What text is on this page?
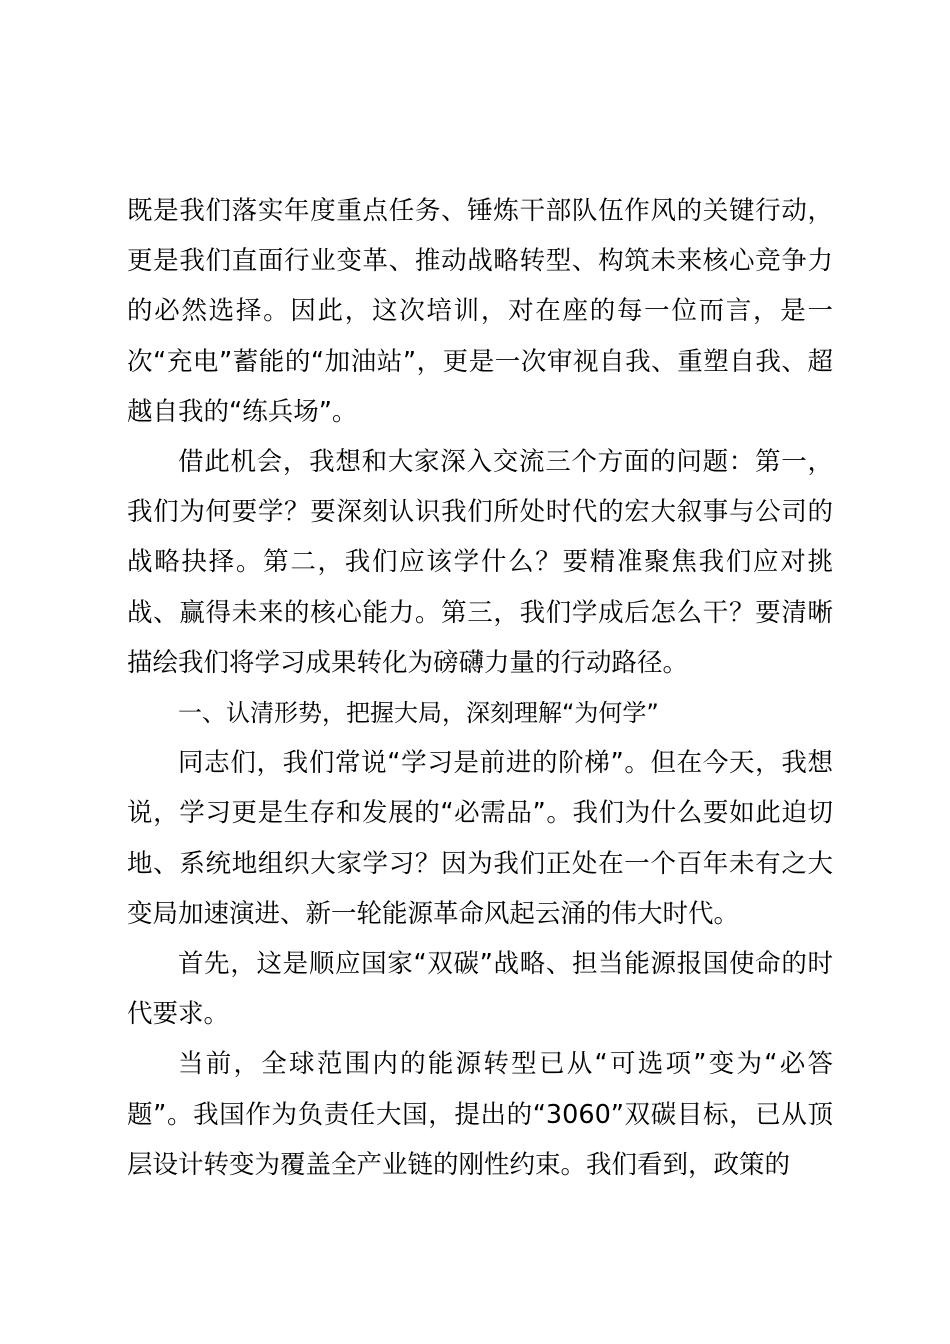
既是我们落实年度重点任务、锤炼干部队伍作风的关键行动，更是我们直面行业变革、推动战略转型、构筑未来核心竞争力的必然选择。因此，这次培训，对在座的每一位而言，是一次“充电”蓄能的“加油站”，更是一次审视自我、重塑自我、超越自我的“练兵场”。

借此机会，我想和大家深入交流三个方面的问题：第一，我们为何要学？要深刻认识我们所处时代的宏大叙事与公司的战略抉择。第二，我们应该学什么？要精准聚焦我们应对挑战、赢得未来的核心能力。第三，我们学成后怎么干？要清晰描绘我们将学习成果转化为磅礴力量的行动路径。

一、认清形势，把握大局，深刻理解“为何学”

同志们，我们常说“学习是前进的阶梯”。但在今天，我想说，学习更是生存和发展的“必需品”。我们为什么要如此迫切地、系统地组织大家学习？因为我们正处在一个百年未有之大变局加速演进、新一轮能源革命风起云涌的伟大时代。

首先，这是顺应国家“双碳”战略、担当能源报国使命的时代要求。

当前，全球范围内的能源转型已从“可选项”变为“必答题”。我国作为负责任大国，提出的“3060”双碳目标，已从顶层设计转变为覆盖全产业链的刚性约束。我们看到，政策的
